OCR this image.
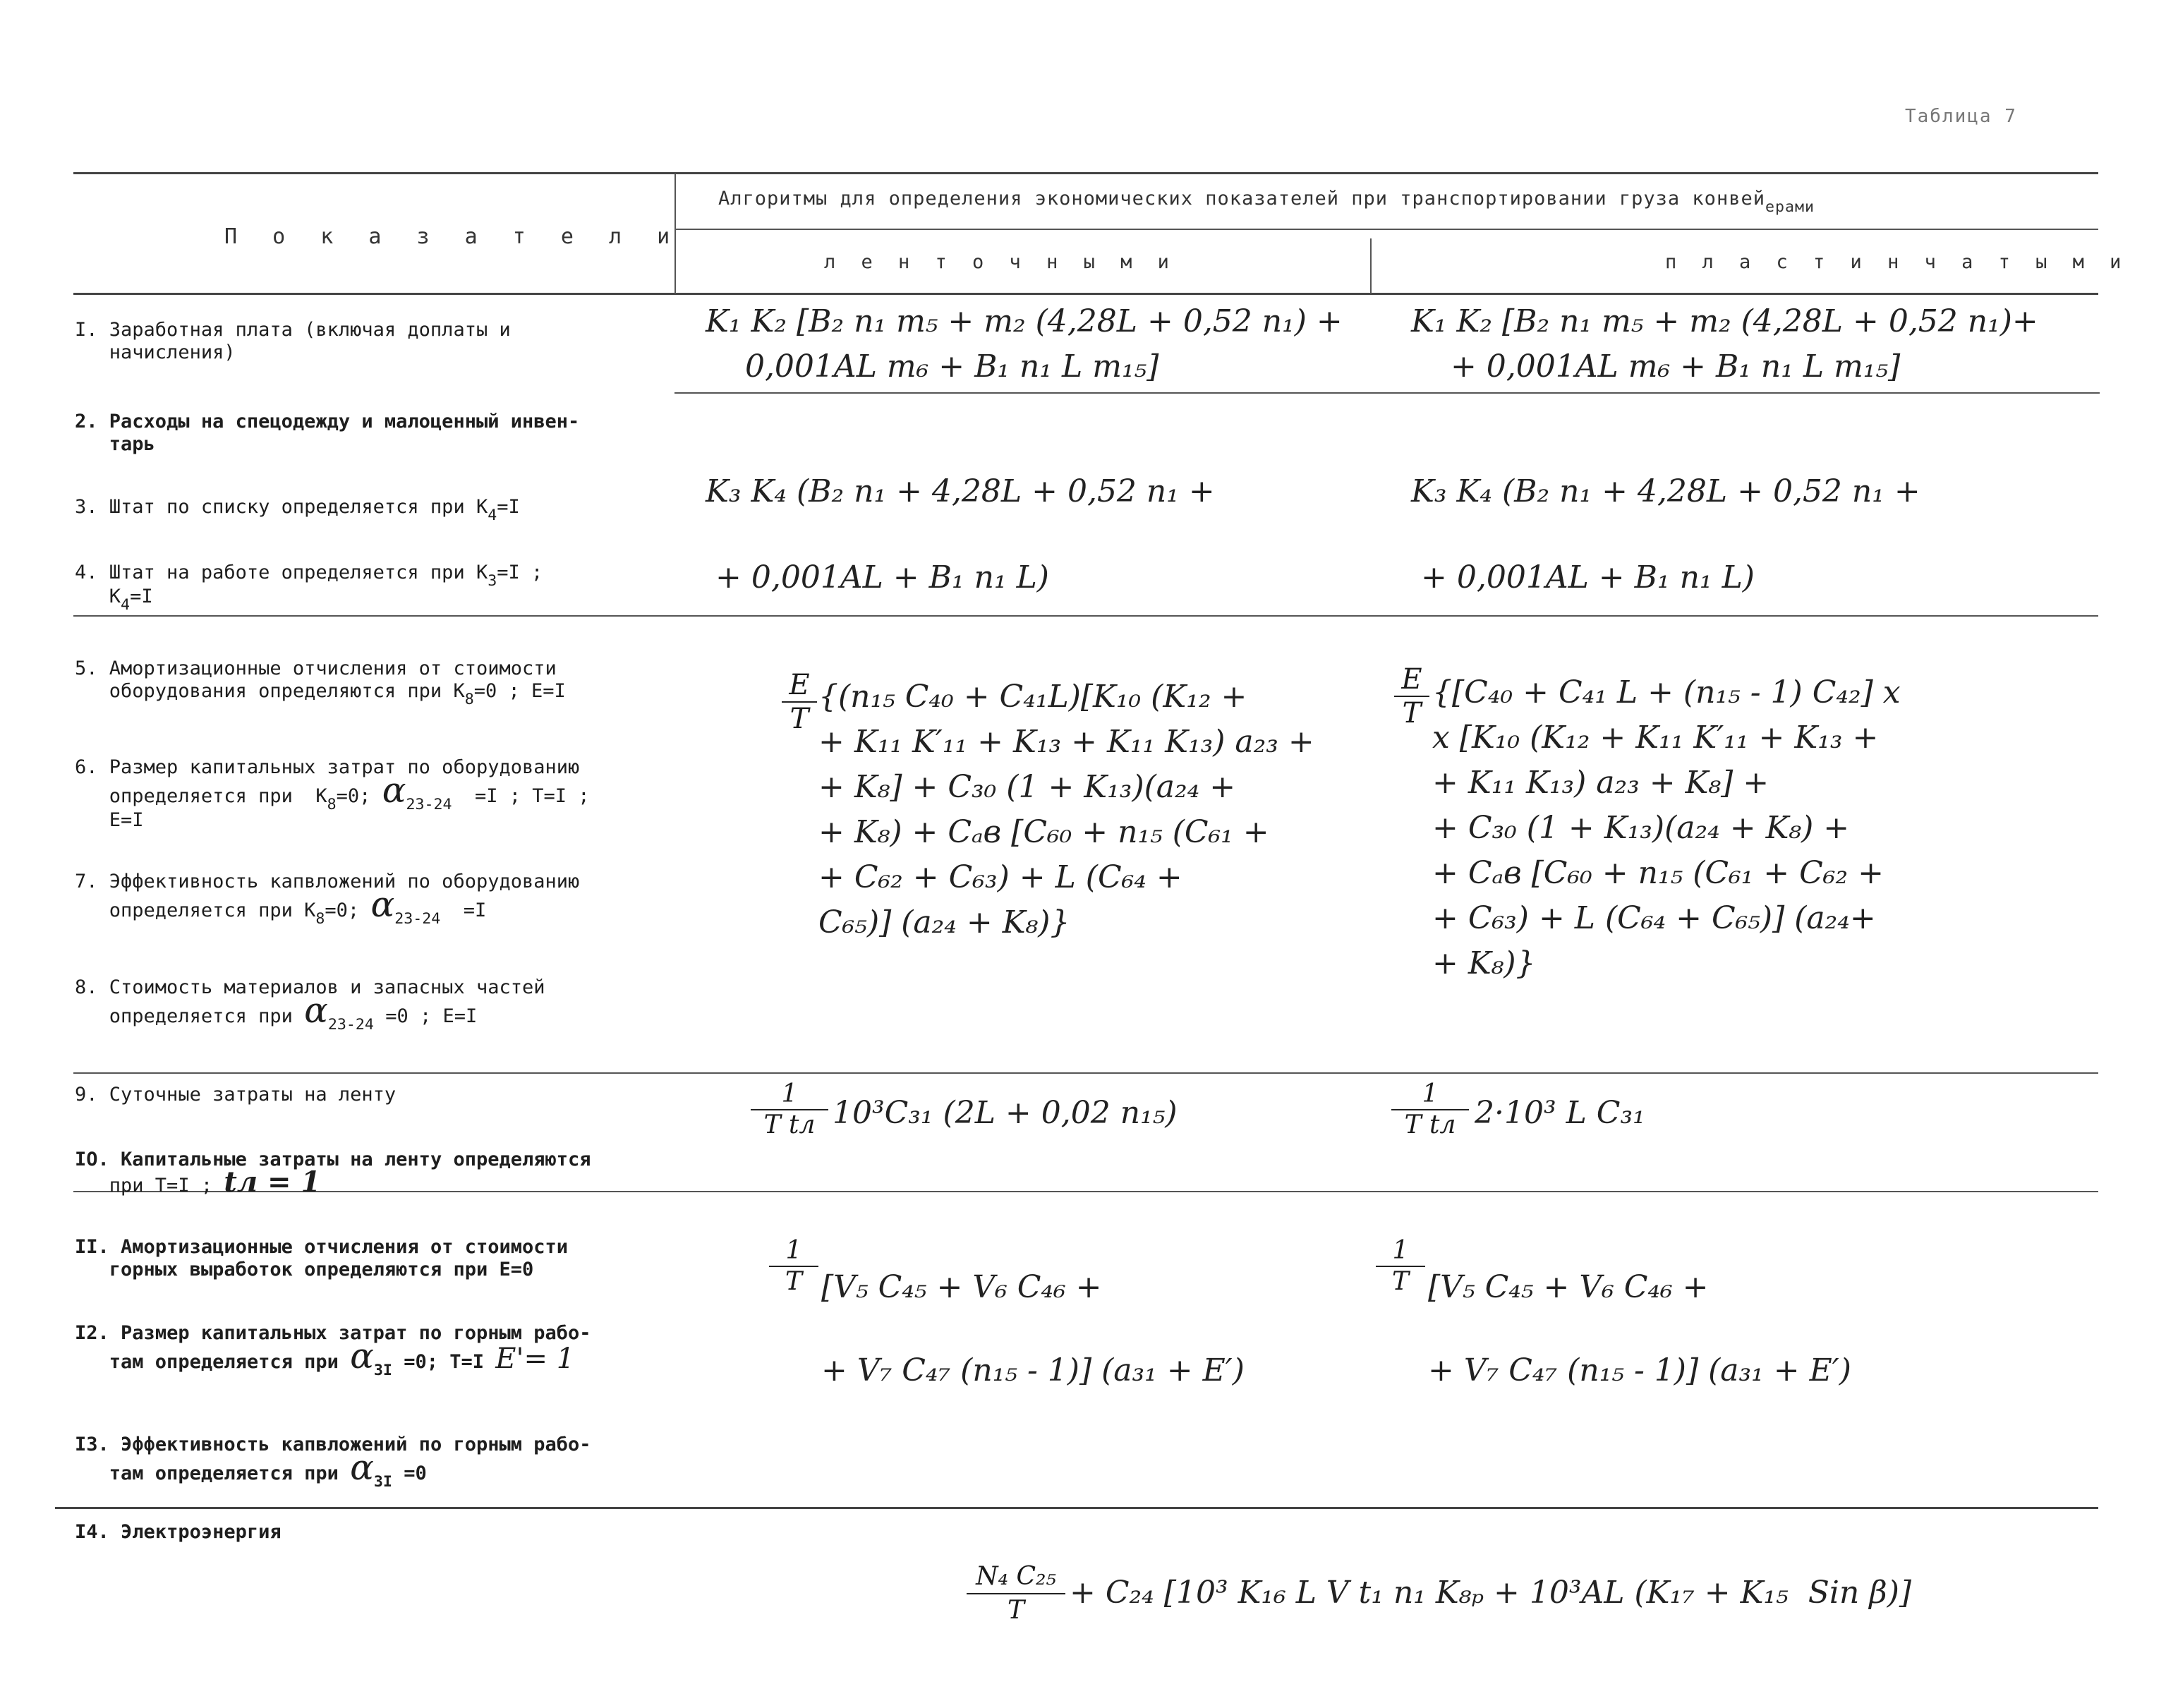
Таблица 7
П о к а з а т е л и
Алгоритмы для определения экономических показателей при транспортировании груза конвей$_{ерами}$
л е н т о ч н ы м и	п л а с т и н ч а т ы м и
I. Заработная плата (включая доплаты и
начисления)
K₁ K₂ [B₂ n₁ m₅ + m₂ (4,28L + 0,52 n₁) +
0,001AL m₆ + B₁ n₁ L m₁₅]
K₁ K₂ [B₂ n₁ m₅ + m₂ (4,28L + 0,52 n₁)+
+ 0,001AL m₆ + B₁ n₁ L m₁₅]
2. Расходы на спецодежду и малоценный инвен-
тарь
3. Штат по списку определяется при $K_4=I$
4. Штат на работе определяется при $K_3=I$ ;
$K_4=I$
K₃ K₄ (B₂ n₁ + 4,28L + 0,52 n₁ +
+ 0,001AL + B₁ n₁ L)
K₃ K₄ (B₂ n₁ + 4,28L + 0,52 n₁ +
+ 0,001AL + B₁ n₁ L)
5. Амортизационные отчисления от стоимости
оборудования определяются при $K_8=0$ ; E=I
6. Размер капитальных затрат по оборудованию
определяется при  $K_8=0$; $\alpha_{23-24} =I$ ; T=I ;
E=I
7. Эффективность капвложений по оборудованию
определяется при $K_8=0$; $\alpha_{23-24} =I$
8. Стоимость материалов и запасных частей
определяется при $\alpha_{23-24} =0$ ; E=I
$\frac{E}{T} \{(n_{15}$ C₄₀ + C₄₁L)[K₁₀ (K₁₂ +
+ K₁₁ K′₁₁ + K₁₃ + K₁₁ K₁₃) a₂₃ +
+ K₈] + C₃₀ (1 + K₁₃)(a₂₄ +
+ K₈) + Cₐв [C₆₀ + n₁₅ (C₆₁ +
+ C₆₂ + C₆₃) + L (C₆₄ +
C₆₅)] (a₂₄ + K₈)}
$\frac{E}{T} \{[C_{40} + C_{41}$ L + (n₁₅ - 1) C₄₂] x
x [K₁₀ (K₁₂ + K₁₁ K′₁₁ + K₁₃ +
+ K₁₁ K₁₃) a₂₃ + K₈] +
+ C₃₀ (1 + K₁₃)(a₂₄ + K₈) +
+ Cₐв [C₆₀ + n₁₅ (C₆₁ + C₆₂ +
+ C₆₃) + L (C₆₄ + C₆₅)] (a₂₄+
+ K₈)}
9. Суточные затраты на ленту
IO. Капитальные затраты на ленту определяются
при T=I ; tл = 1
1
T tл 10³C₃₁ (2L + 0,02 n₁₅)
1
T tл 2·10³ L C₃₁
II. Амортизационные отчисления от стоимости
горных выработок определяются при E=0
I2. Размер капитальных затрат по горным рабо-
там определяется при $\alpha_{3I} =0$; T=I E'= 1
I3. Эффективность капвложений по горным рабо-
там определяется при $\alpha_{3I} =0$
1
T [V₅ C₄₅ + V₆ C₄₆ +
+ V₇ C₄₇ (n₁₅ - 1)] (a₃₁ + E′)
1
T [V₅ C₄₅ + V₆ C₄₆ +
+ V₇ C₄₇ (n₁₅ - 1)] (a₃₁ + E′)
I4. Электроэнергия
N₄ C₂₅
T	+ C₂₄ [10³ K₁₆ L V t₁ n₁ K₈ₚ + 10³AL (K₁₇ + K₁₅  Sin β)]
